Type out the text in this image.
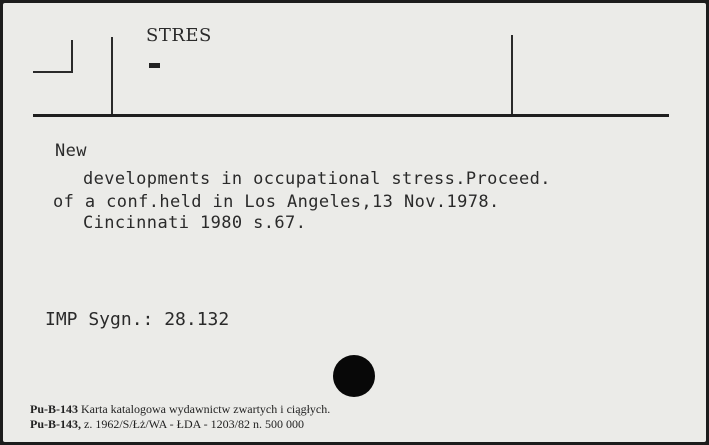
STRES
New
developments in occupational stress.Proceed.
of a conf.held in Los Angeles,13 Nov.1978.
Cincinnati 1980 s.67.
IMP Sygn.: 28.132
Pu-B-143 Karta katalogowa wydawnictw zwartych i ciągłych.
Pu-B-143, z. 1962/S/Łż/WA - ŁDA - 1203/82 n. 500 000
